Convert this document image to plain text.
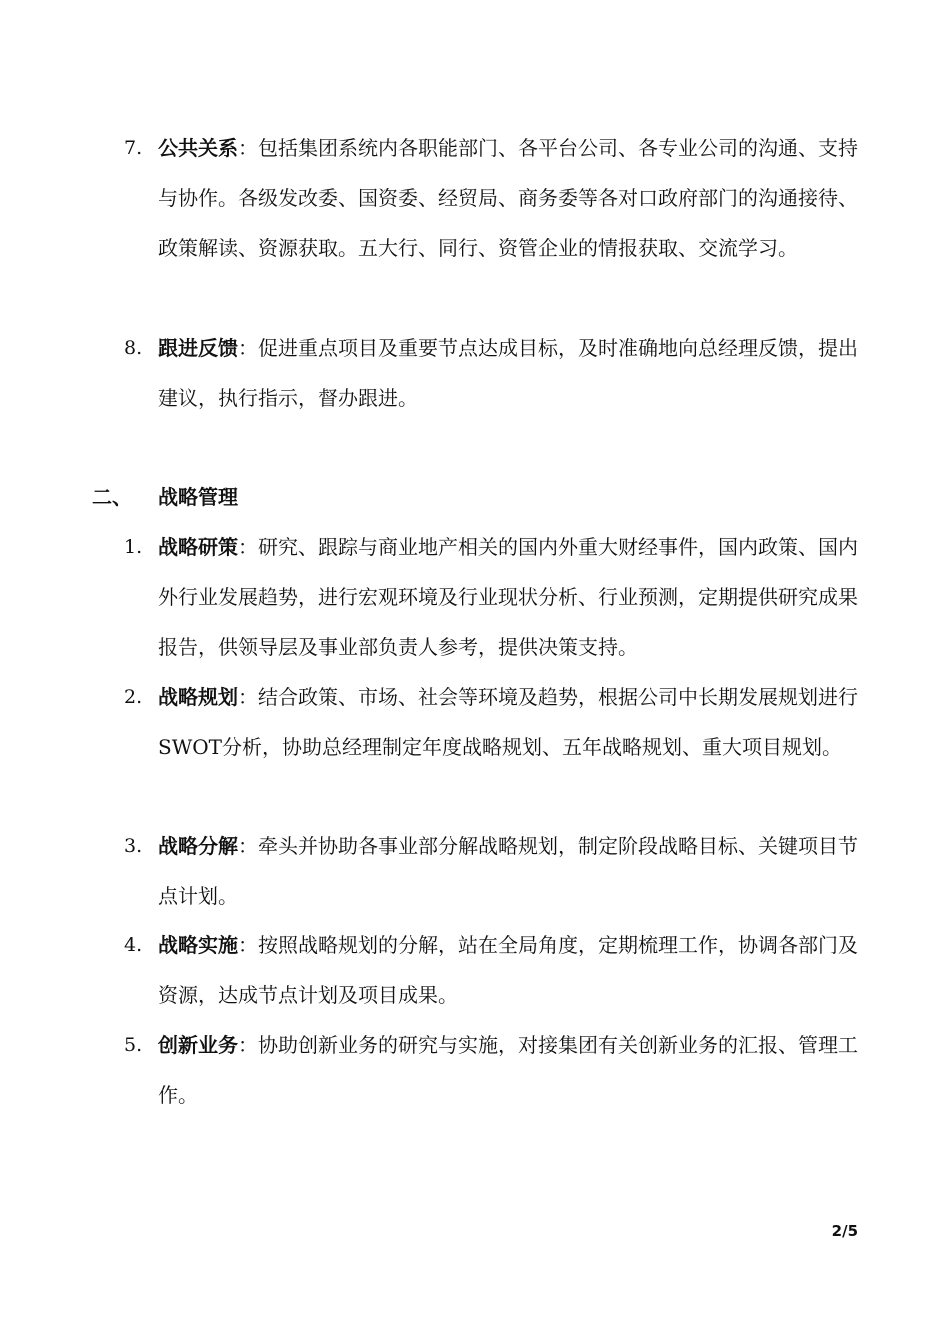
7. 公共关系：包括集团系统内各职能部门、各平台公司、各专业公司的沟通、支持与协作。各级发改委、国资委、经贸局、商务委等各对口政府部门的沟通接待、政策解读、资源获取。五大行、同行、资管企业的情报获取、交流学习。

8. 跟进反馈：促进重点项目及重要节点达成目标，及时准确地向总经理反馈，提出建议，执行指示，督办跟进。

二、 战略管理
1. 战略研策：研究、跟踪与商业地产相关的国内外重大财经事件，国内政策、国内外行业发展趋势，进行宏观环境及行业现状分析、行业预测，定期提供研究成果报告，供领导层及事业部负责人参考，提供决策支持。

2. 战略规划：结合政策、市场、社会等环境及趋势，根据公司中长期发展规划进行SWOT分析，协助总经理制定年度战略规划、五年战略规划、重大项目规划。

3. 战略分解：牵头并协助各事业部分解战略规划，制定阶段战略目标、关键项目节点计划。

4. 战略实施：按照战略规划的分解，站在全局角度，定期梳理工作，协调各部门及资源，达成节点计划及项目成果。

5. 创新业务：协助创新业务的研究与实施，对接集团有关创新业务的汇报、管理工作。

2/5
